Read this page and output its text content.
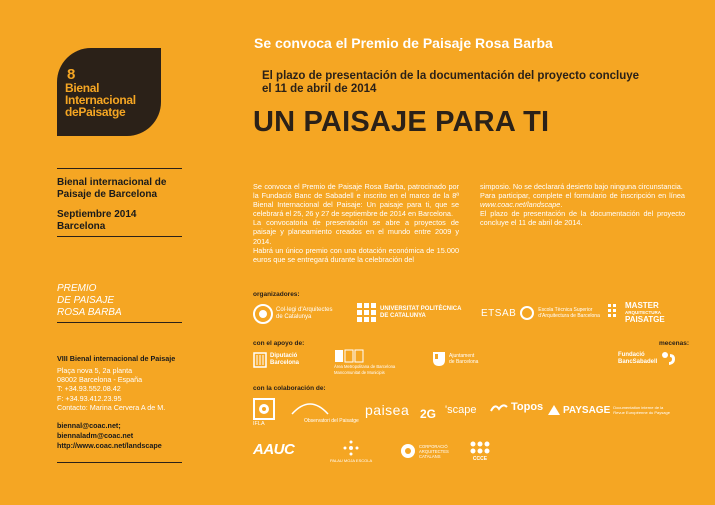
8
Bienal
Internacional
dePaisatge
Bienal internacional de
Paisaje de Barcelona
Septiembre 2014
Barcelona
PREMIO
DE PAISAJE
ROSA BARBA
VIII Bienal internacional de Paisaje
Plaça nova 5, 2a planta
08002 Barcelona - España
T: +34.93.552.08.42
F: +34.93.412.23.95
Contacto: Marina Cervera A de M.
biennal@coac.net;
biennaladm@coac.net
http://www.coac.net/landscape
Se convoca el Premio de Paisaje Rosa Barba
El plazo de presentación de la documentación del proyecto concluye
el 11 de abril de 2014
UN PAISAJE PARA TI
Se convoca el Premio de Paisaje Rosa Barba, patrocinado por la Fundació Banc de Sabadell e inscrito en el marco de la 8ª Bienal Internacional del Paisaje: Un paisaje para ti, que se celebrará el 25, 26 y 27 de septiembre de 2014 en Barcelona.
La convocatoria de presentación se abre a proyectos de paisaje y planeamiento creados en el mundo entre 2009 y 2014.
Habrá un único premio con una dotación económica de 15.000 euros que se entregará durante la celebración del
simposio. No se declarará desierto bajo ninguna circunstancia.
Para participar, complete el formulario de inscripción en línea www.coac.net/landscape.
El plazo de presentación de la documentación del proyecto concluye el 11 de abril de 2014.
organizadores:
con el apoyo de:	mecenas:
con la colaboración de:
Col·legi d'Arquitectes
de Catalunya
UNIVERSITAT POLITÈCNICA
DE CATALUNYA	ETSAB	Escola Tècnica Superior
d'Arquitectura de Barcelona
MASTER
ARQUITECTURA
PAISATGE
Diputació
Barcelona
Àrea Metropolitana de Barcelona
Mancomunitat de Municipis
Ajuntament
de Barcelona
Fundació
BancSabadell
IFLA	Observatori del Paisatge
paisea 2G 'scape	Topos PAYSAGE Documentation interne de la Revue Européenne du Paysage
AAUC
PALAU MOJA ESCOLA
CORPORACIÓ ARQUITECTES CATALANS	CCCE
